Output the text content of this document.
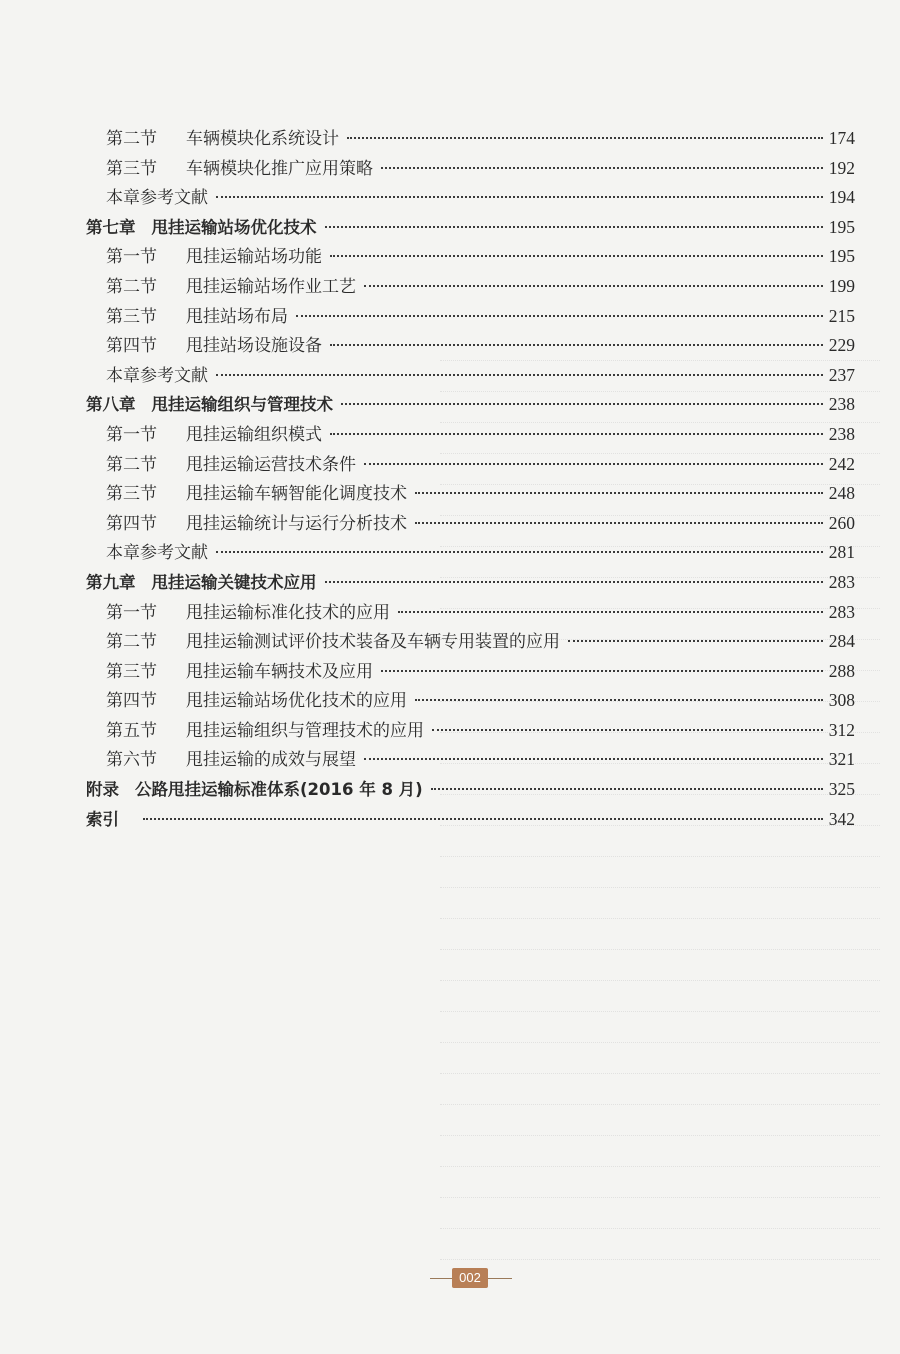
第二节 车辆模块化系统设计	174
第三节 车辆模块化推广应用策略	192
本章参考文献	194
第七章 甩挂运输站场优化技术	195
第一节 甩挂运输站场功能	195
第二节 甩挂运输站场作业工艺	199
第三节 甩挂站场布局	215
第四节 甩挂站场设施设备	229
本章参考文献	237
第八章 甩挂运输组织与管理技术	238
第一节 甩挂运输组织模式	238
第二节 甩挂运输运营技术条件	242
第三节 甩挂运输车辆智能化调度技术	248
第四节 甩挂运输统计与运行分析技术	260
本章参考文献	281
第九章 甩挂运输关键技术应用	283
第一节 甩挂运输标准化技术的应用	283
第二节 甩挂运输测试评价技术装备及车辆专用装置的应用	284
第三节 甩挂运输车辆技术及应用	288
第四节 甩挂运输站场优化技术的应用	308
第五节 甩挂运输组织与管理技术的应用	312
第六节 甩挂运输的成效与展望	321
附录 公路甩挂运输标准体系(2016 年 8 月)	325
索引	342
002
